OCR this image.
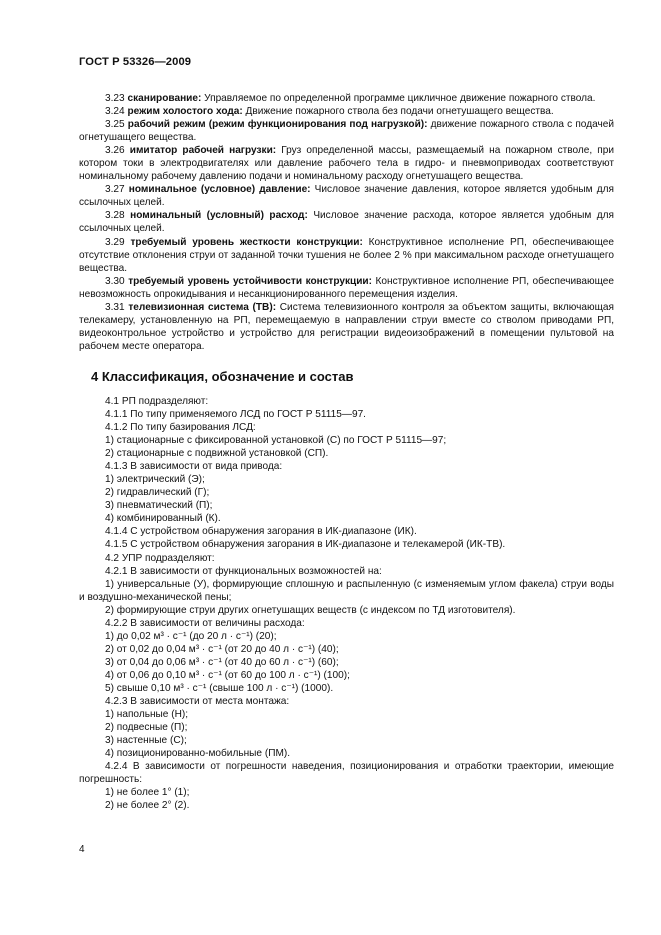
ГОСТ Р 53326—2009

3.23 сканирование: Управляемое по определенной программе цикличное движение пожарного ствола.

3.24 режим холостого хода: Движение пожарного ствола без подачи огнетушащего вещества.

3.25 рабочий режим (режим функционирования под нагрузкой): движение пожарного ствола с подачей огнетушащего вещества.

3.26 имитатор рабочей нагрузки: Груз определенной массы, размещаемый на пожарном стволе, при котором токи в электродвигателях или давление рабочего тела в гидро- и пневмоприводах соответствуют номинальному рабочему давлению подачи и номинальному расходу огнетушащего вещества.

3.27 номинальное (условное) давление: Числовое значение давления, которое является удобным для ссылочных целей.

3.28 номинальный (условный) расход: Числовое значение расхода, которое является удобным для ссылочных целей.

3.29 требуемый уровень жесткости конструкции: Конструктивное исполнение РП, обеспечивающее отсутствие отклонения струи от заданной точки тушения не более 2 % при максимальном расходе огнетушащего вещества.

3.30 требуемый уровень устойчивости конструкции: Конструктивное исполнение РП, обеспечивающее невозможность опрокидывания и несанкционированного перемещения изделия.

3.31 телевизионная система (ТВ): Система телевизионного контроля за объектом защиты, включающая телекамеру, установленную на РП, перемещаемую в направлении струи вместе со стволом приводами РП, видеоконтрольное устройство и устройство для регистрации видеоизображений в помещении пультовой на рабочем месте оператора.

4 Классификация, обозначение и состав

4.1 РП подразделяют:

4.1.1 По типу применяемого ЛСД по ГОСТ Р 51115—97.

4.1.2 По типу базирования ЛСД:

1) стационарные с фиксированной установкой (С) по ГОСТ Р 51115—97;

2) стационарные с подвижной установкой (СП).

4.1.3 В зависимости от вида привода:

1) электрический (Э);

2) гидравлический (Г);

3) пневматический (П);

4) комбинированный (К).

4.1.4 С устройством обнаружения загорания в ИК-диапазоне (ИК).

4.1.5 С устройством обнаружения загорания в ИК-диапазоне и телекамерой (ИК-ТВ).

4.2 УПР подразделяют:

4.2.1 В зависимости от функциональных возможностей на:

1) универсальные (У), формирующие сплошную и распыленную (с изменяемым углом факела) струи воды и воздушно-механической пены;

2) формирующие струи других огнетушащих веществ (с индексом по ТД изготовителя).

4.2.2 В зависимости от величины расхода:

1) до 0,02 м³ · с⁻¹ (до 20 л · с⁻¹) (20);

2) от 0,02 до 0,04 м³ · с⁻¹ (от 20 до 40 л · с⁻¹) (40);

3) от 0,04 до 0,06 м³ · с⁻¹ (от 40 до 60 л · с⁻¹) (60);

4) от 0,06 до 0,10 м³ · с⁻¹ (от 60 до 100 л · с⁻¹) (100);

5) свыше 0,10 м³ · с⁻¹ (свыше 100 л · с⁻¹) (1000).

4.2.3 В зависимости от места монтажа:

1) напольные (Н);

2) подвесные (П);

3) настенные (С);

4) позиционированно-мобильные (ПМ).

4.2.4 В зависимости от погрешности наведения, позиционирования и отработки траектории, имеющие погрешность:

1) не более 1° (1);

2) не более 2° (2).

4
